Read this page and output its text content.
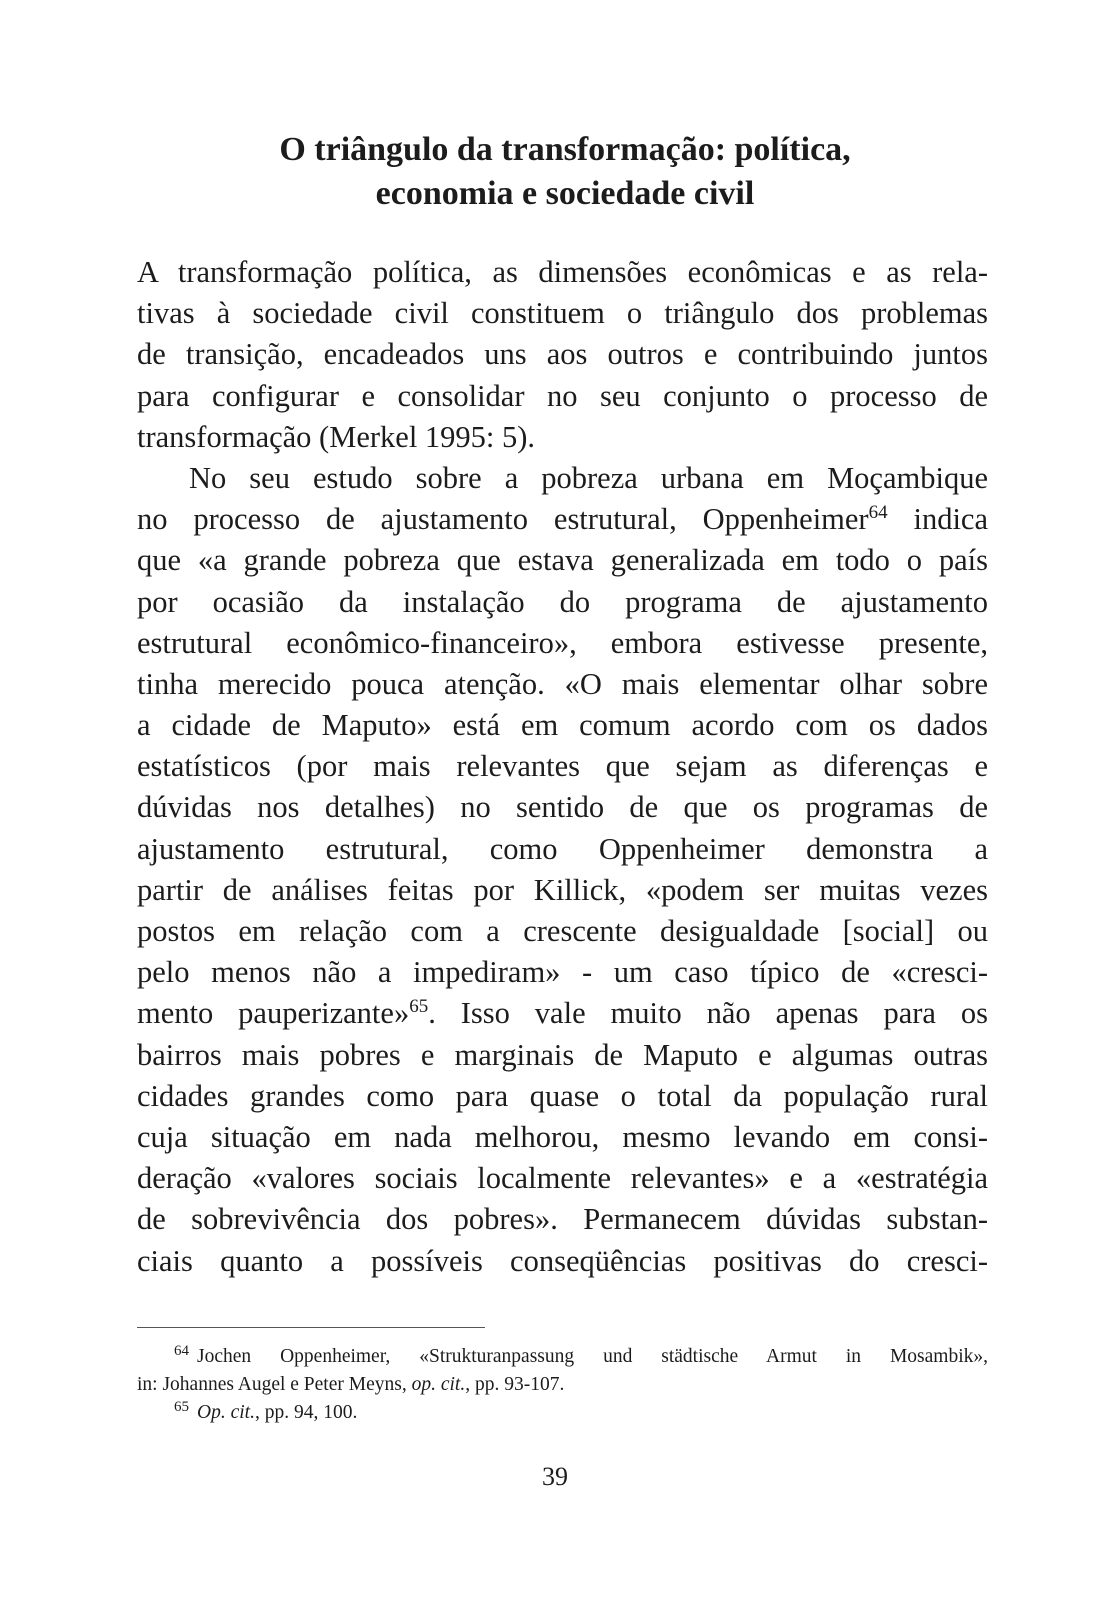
O triângulo da transformação: política,
economia e sociedade civil
A transformação política, as dimensões econômicas e as rela-
tivas à sociedade civil constituem o triângulo dos problemas
de transição, encadeados uns aos outros e contribuindo juntos
para configurar e consolidar no seu conjunto o processo de
transformação (Merkel 1995: 5).
No seu estudo sobre a pobreza urbana em Moçambique
no processo de ajustamento estrutural, Oppenheimer$^{64}$ indica
que «a grande pobreza que estava generalizada em todo o país
por ocasião da instalação do programa de ajustamento
estrutural econômico-financeiro», embora estivesse presente,
tinha merecido pouca atenção. «O mais elementar olhar sobre
a cidade de Maputo» está em comum acordo com os dados
estatísticos (por mais relevantes que sejam as diferenças e
dúvidas nos detalhes) no sentido de que os programas de
ajustamento estrutural, como Oppenheimer demonstra a
partir de análises feitas por Killick, «podem ser muitas vezes
postos em relação com a crescente desigualdade [social] ou
pelo menos não a impediram» - um caso típico de «cresci-
mento pauperizante»$^{65}$. Isso vale muito não apenas para os
bairros mais pobres e marginais de Maputo e algumas outras
cidades grandes como para quase o total da população rural
cuja situação em nada melhorou, mesmo levando em consi-
deração «valores sociais localmente relevantes» e a «estratégia
de sobrevivência dos pobres». Permanecem dúvidas substan-
ciais quanto a possíveis conseqüências positivas do cresci-
$^{64}$ Jochen Oppenheimer, «Strukturanpassung und städtische Armut in Mosambik»,
in: Johannes Augel e Peter Meyns, op. cit., pp. 93-107.
$^{65}$ Op. cit., pp. 94, 100.
39
